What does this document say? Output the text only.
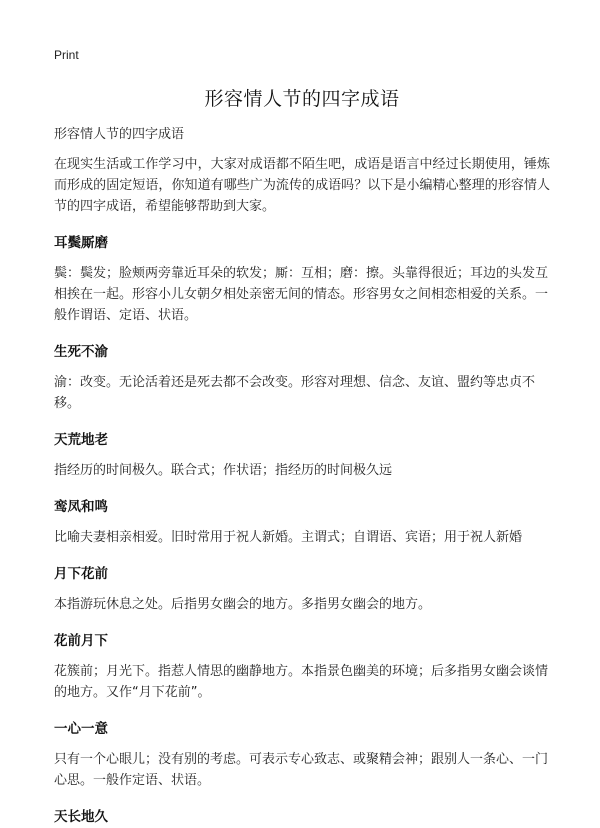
Print
形容情人节的四字成语
形容情人节的四字成语

在现实生活或工作学习中，大家对成语都不陌生吧，成语是语言中经过长期使用，锤炼而形成的固定短语，你知道有哪些广为流传的成语吗？以下是小编精心整理的形容情人节的四字成语，希望能够帮助到大家。

耳鬓厮磨

鬓：鬓发；脸颊两旁靠近耳朵的软发；厮：互相；磨：擦。头靠得很近；耳边的头发互相挨在一起。形容小儿女朝夕相处亲密无间的情态。形容男女之间相恋相爱的关系。一般作谓语、定语、状语。

生死不渝

渝：改变。无论活着还是死去都不会改变。形容对理想、信念、友谊、盟约等忠贞不移。

天荒地老

指经历的时间极久。联合式；作状语；指经历的时间极久远

鸾凤和鸣

比喻夫妻相亲相爱。旧时常用于祝人新婚。主谓式；自谓语、宾语；用于祝人新婚

月下花前

本指游玩休息之处。后指男女幽会的地方。多指男女幽会的地方。

花前月下

花簇前；月光下。指惹人情思的幽静地方。本指景色幽美的环境；后多指男女幽会谈情的地方。又作“月下花前”。

一心一意

只有一个心眼儿；没有别的考虑。可表示专心致志、或聚精会神；跟别人一条心、一门心思。一般作定语、状语。

天长地久
